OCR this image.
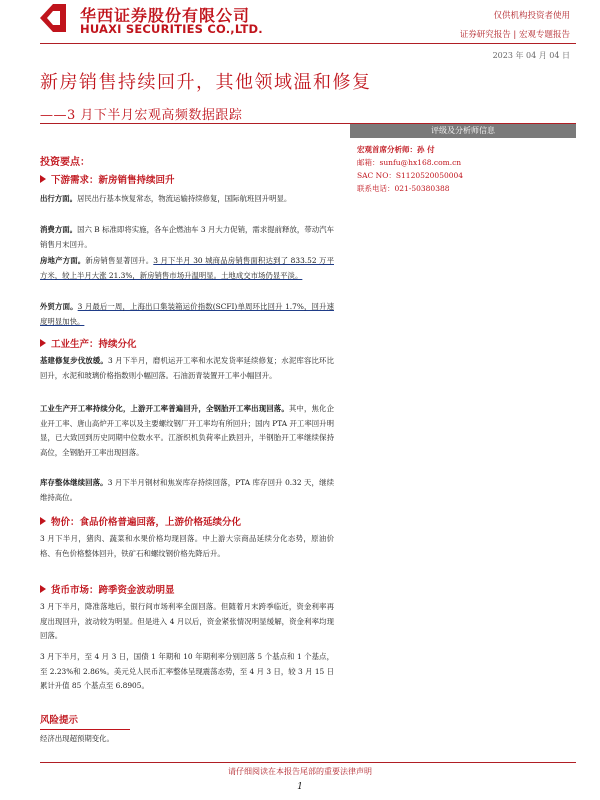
华西证券股份有限公司
HUAXI SECURITIES CO.,LTD.
仅供机构投资者使用
证券研究报告 | 宏观专题报告
2023 年 04 月 04 日
新房销售持续回升，其他领域温和修复
——3 月下半月宏观高频数据跟踪
评级及分析师信息
宏观首席分析师：孙 付
邮箱：sunfu@hx168.com.cn
SAC NO：S1120520050004
联系电话：021-50380388
投资要点：
下游需求：新房销售持续回升
出行方面。居民出行基本恢复常态，物流运输持续修复，国际航班回升明显。
消费方面。国六 B 标准即将实施，各车企燃油车 3 月大力促销，需求提前释放，带动汽车销售月末回升。
房地产方面。新房销售显著回升。3 月下半月 30 城商品房销售面积达到了 833.52 万平方米，较上半月大涨 21.3%，新房销售市场升温明显。土地成交市场仍显平淡。
外贸方面。3 月最后一周，上海出口集装箱运价指数(SCFI)单周环比回升 1.7%，回升速度明显加快。
工业生产：持续分化
基建修复步伐放缓。3 月下半月，磨机运开工率和水泥发货率延续修复；水泥库容比环比回升，水泥和玻璃价格指数则小幅回落。石油沥青装置开工率小幅回升。
工业生产开工率持续分化，上游开工率普遍回升，全钢胎开工率出现回落。其中，焦化企业开工率、唐山高炉开工率以及主要螺纹钢厂开工率均有所回升；国内 PTA 开工率回升明显，已大致回到历史同期中位数水平。江浙织机负荷率止跌回升，半钢胎开工率继续保持高位，全钢胎开工率出现回落。
库存整体继续回落。3 月下半月钢材和焦炭库存持续回落，PTA 库存回升 0.32 天，继续维持高位。
物价：食品价格普遍回落，上游价格延续分化
3 月下半月，猪肉、蔬菜和水果价格均现回落。中上游大宗商品延续分化态势，原油价格、有色价格整体回升，铁矿石和螺纹钢价格先降后升。
货币市场：跨季资金波动明显
3 月下半月，降准落地后，银行间市场利率全面回落。但随着月末跨季临近，资金利率再度出现回升，波动较为明显。但是进入 4 月以后，资金紧张情况明显缓解，资金利率均现回落。
3 月下半月，至 4 月 3 日，国债 1 年期和 10 年期利率分别回落 5 个基点和 1 个基点，至 2.23%和 2.86%。美元兑人民币汇率整体呈现震荡态势，至 4 月 3 日，较 3 月 15 日累计升值 85 个基点至 6.8905。
风险提示
经济出现超预期变化。
请仔细阅读在本报告尾部的重要法律声明
1
